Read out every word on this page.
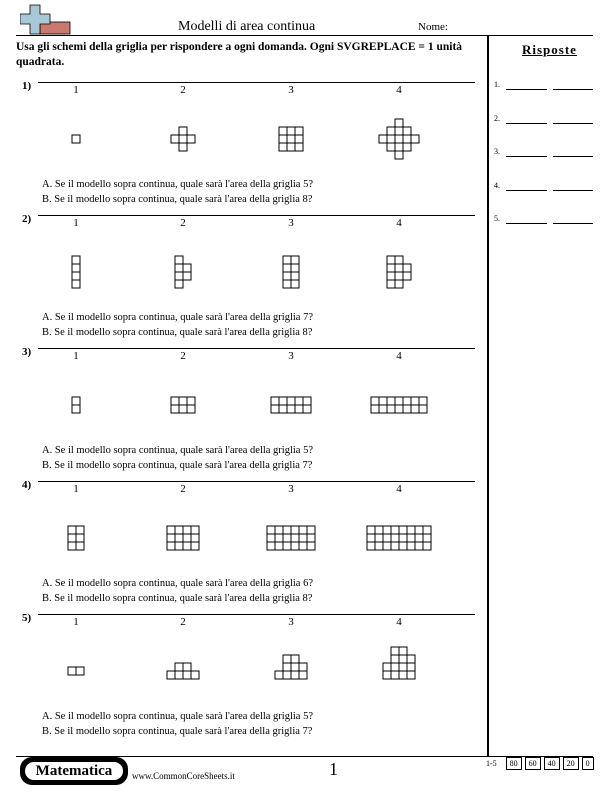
Modelli di area continua	Nome:
Usa gli schemi della griglia per rispondere a ogni domanda. Ogni SVGREPLACE = 1 unità quadrata.
Risposte
1.
2.
3.
4.
5.
1)	1	2	3	4
A. Se il modello sopra continua, quale sarà l'area della griglia 5?
B. Se il modello sopra continua, quale sarà l'area della griglia 8?
2)	1	2	3	4
A. Se il modello sopra continua, quale sarà l'area della griglia 7?
B. Se il modello sopra continua, quale sarà l'area della griglia 8?
3)	1	2	3	4
A. Se il modello sopra continua, quale sarà l'area della griglia 5?
B. Se il modello sopra continua, quale sarà l'area della griglia 7?
4)	1	2	3	4
A. Se il modello sopra continua, quale sarà l'area della griglia 6?
B. Se il modello sopra continua, quale sarà l'area della griglia 8?
5)	1	2	3	4
A. Se il modello sopra continua, quale sarà l'area della griglia 5?
B. Se il modello sopra continua, quale sarà l'area della griglia 7?
Matematica	www.CommonCoreSheets.it	1	1-5	80	60	40	20	0
